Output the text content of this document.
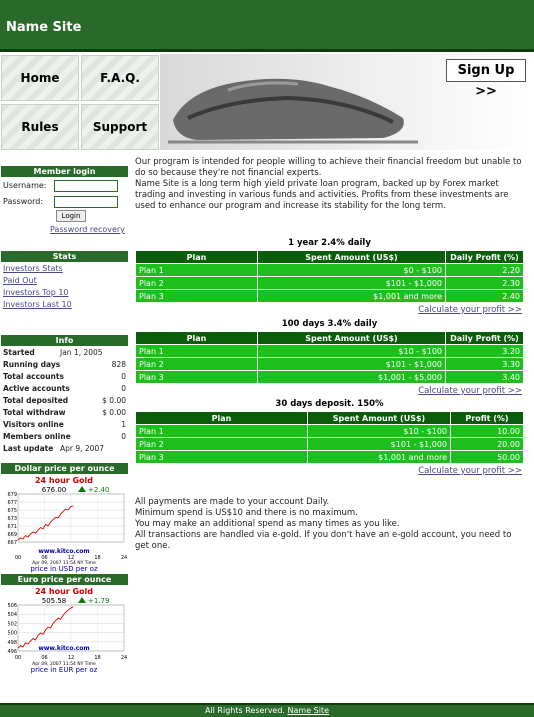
Name Site
Home	F.A.Q.
Rules	Support
Sign Up >>
Member login
Username:
Password:
Login
Password recovery
Stats
Investors Stats
Paid Out
Investors Top 10
Investors Last 10
Info
Started	Jan 1, 2005
Running days	828
Total accounts	0
Active accounts	0
Total deposited	$ 0.00
Total withdraw	$ 0.00
Visitors online	1
Members online	0
Last update Apr 9, 2007
Dollar price per ounce
24 hour Gold
676.00	+2.40
679
677
675
673
671
669
667
00	06	12	18	24
www.kitco.com
Apr 09, 2007 11:54 NY Time
price in USD per oz
Euro price per ounce
24 hour Gold
505.58	+1.79
506
504
502
500
498
496
00	06	12	18	24
www.kitco.com
Apr 09, 2007 11:54 NY Time
price in EUR per oz
Our program is intended for people willing to achieve their financial freedom but unable to do so because they're not financial experts.
Name Site is a long term high yield private loan program, backed up by Forex market trading and investing in various funds and activities. Profits from these investments are used to enhance our program and increase its stability for the long term.
1 year 2.4% daily
Plan	Spent Amount (US$)	Daily Profit (%)
Plan 1	$0 - $100	2.20
Plan 2	$101 - $1,000	2.30
Plan 3	$1,001 and more	2.40
Calculate your profit >>
100 days 3.4% daily
Plan	Spent Amount (US$)	Daily Profit (%)
Plan 1	$10 - $100	3.20
Plan 2	$101 - $1,000	3.30
Plan 3	$1,001 - $5,000	3.40
Calculate your profit >>
30 days deposit. 150%
Plan	Spent Amount (US$)	Profit (%)
Plan 1	$10 - $100	10.00
Plan 2	$101 - $1,000	20.00
Plan 3	$1,001 and more	50.00
Calculate your profit >>
All payments are made to your account Daily.
Minimum spend is US$10 and there is no maximum.
You may make an additional spend as many times as you like.
All transactions are handled via e-gold. If you don't have an e-gold account, you need to get one.
All Rights Reserved. Name Site
